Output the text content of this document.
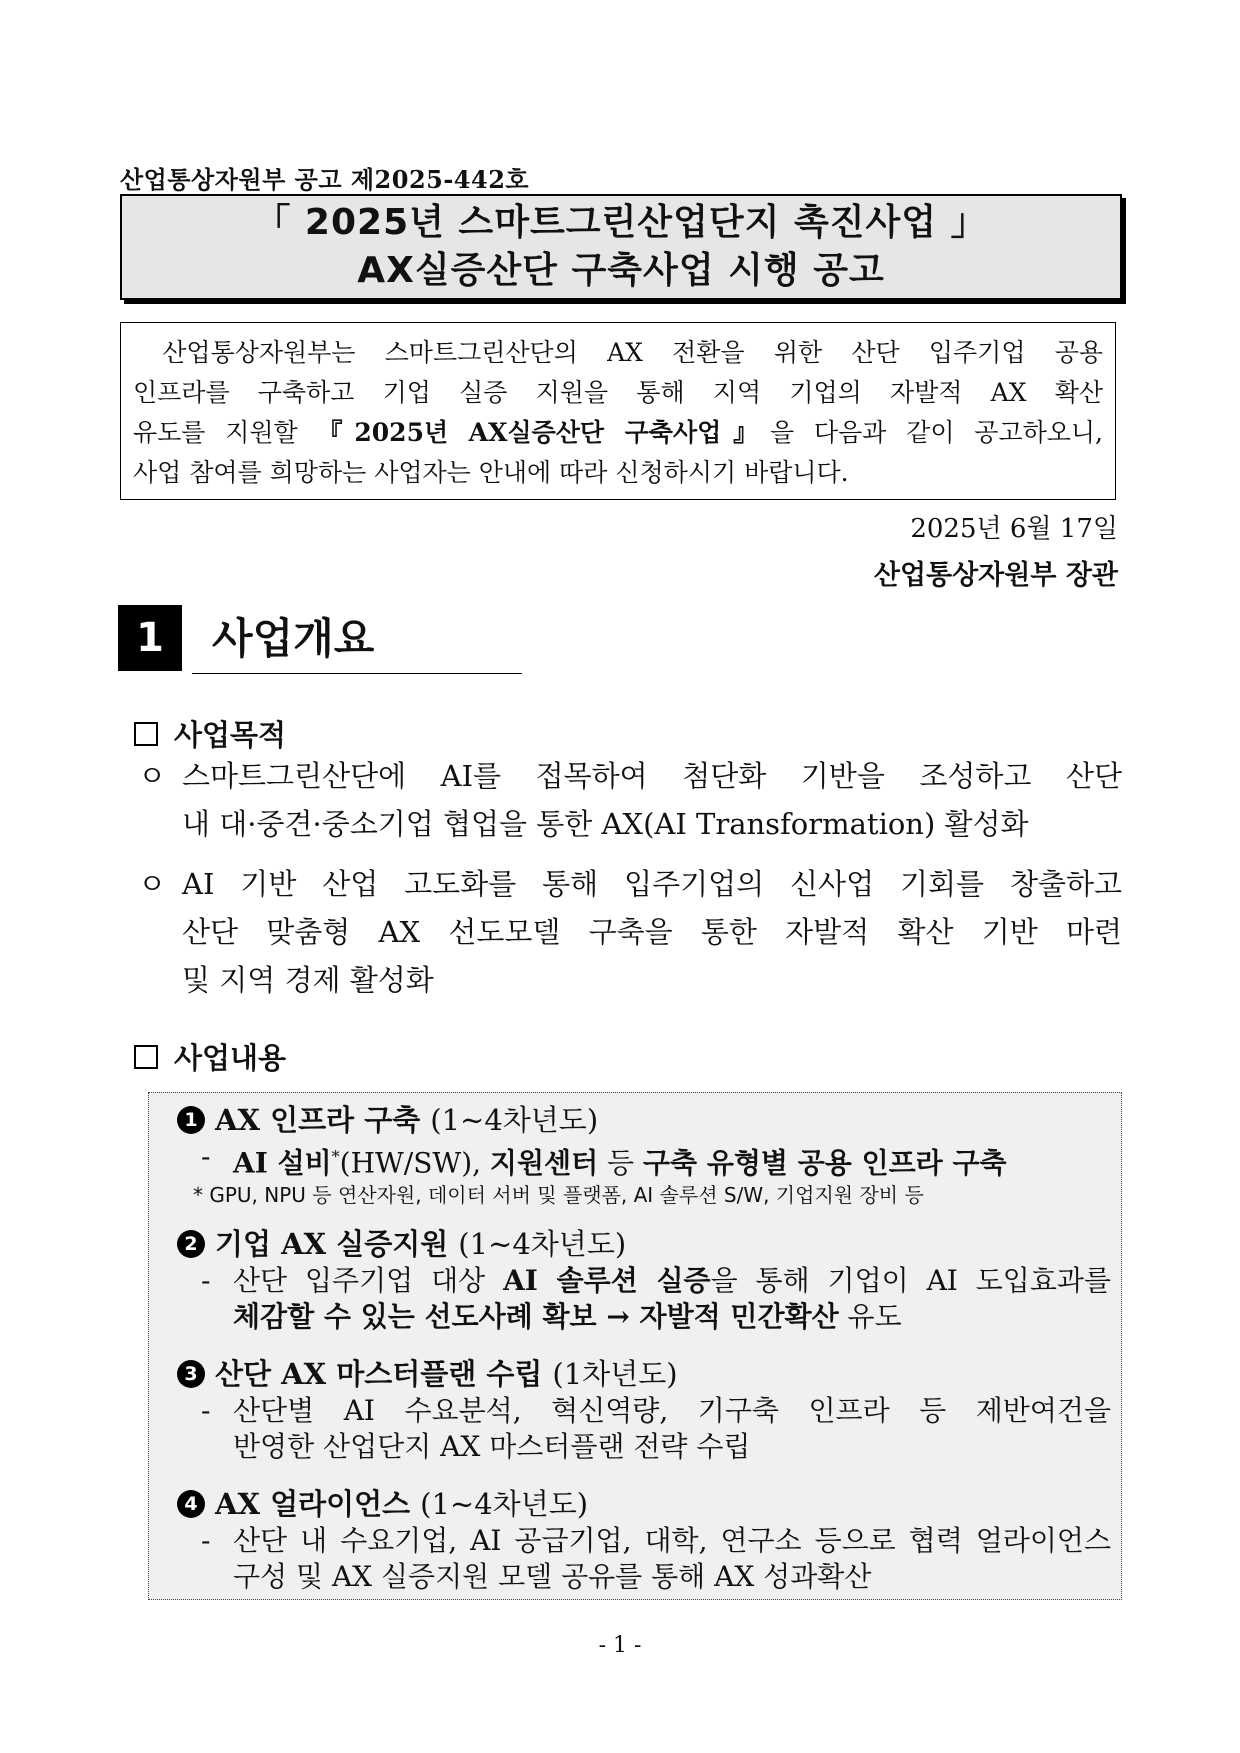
산업통상자원부 공고 제2025-442호
「 2025년 스마트그린산업단지 촉진사업 」
AX실증산단 구축사업 시행 공고

산업통상자원부는 스마트그린산단의 AX 전환을 위한 산단 입주기업 공용

인프라를 구축하고 기업 실증 지원을 통해 지역 기업의 자발적 AX 확산

유도를 지원할 『2025년 AX실증산단 구축사업』을 다음과 같이 공고하오니,

사업 참여를 희망하는 사업자는 안내에 따라 신청하시기 바랍니다.

2025년 6월 17일
산업통상자원부 장관
1	사업개요
사업목적
ㅇ 스마트그린산단에 AI를 접목하여 첨단화 기반을 조성하고 산단
내 대·중견·중소기업 협업을 통한 AX(AI Transformation) 활성화
ㅇ AI 기반 산업 고도화를 통해 입주기업의 신사업 기회를 창출하고
산단 맞춤형 AX 선도모델 구축을 통한 자발적 확산 기반 마련
및 지역 경제 활성화
사업내용
1 AX 인프라 구축 (1∼4차년도)
- AI 설비*(HW/SW), 지원센터 등 구축 유형별 공용 인프라 구축
* GPU, NPU 등 연산자원, 데이터 서버 및 플랫폼, AI 솔루션 S/W, 기업지원 장비 등
2 기업 AX 실증지원 (1∼4차년도)
- 산단 입주기업 대상 AI 솔루션 실증을 통해 기업이 AI 도입효과를
체감할 수 있는 선도사례 확보 → 자발적 민간확산 유도
3 산단 AX 마스터플랜 수립 (1차년도)
- 산단별 AI 수요분석, 혁신역량, 기구축 인프라 등 제반여건을
반영한 산업단지 AX 마스터플랜 전략 수립
4 AX 얼라이언스 (1∼4차년도)
- 산단 내 수요기업, AI 공급기업, 대학, 연구소 등으로 협력 얼라이언스
구성 및 AX 실증지원 모델 공유를 통해 AX 성과확산
- 1 -
